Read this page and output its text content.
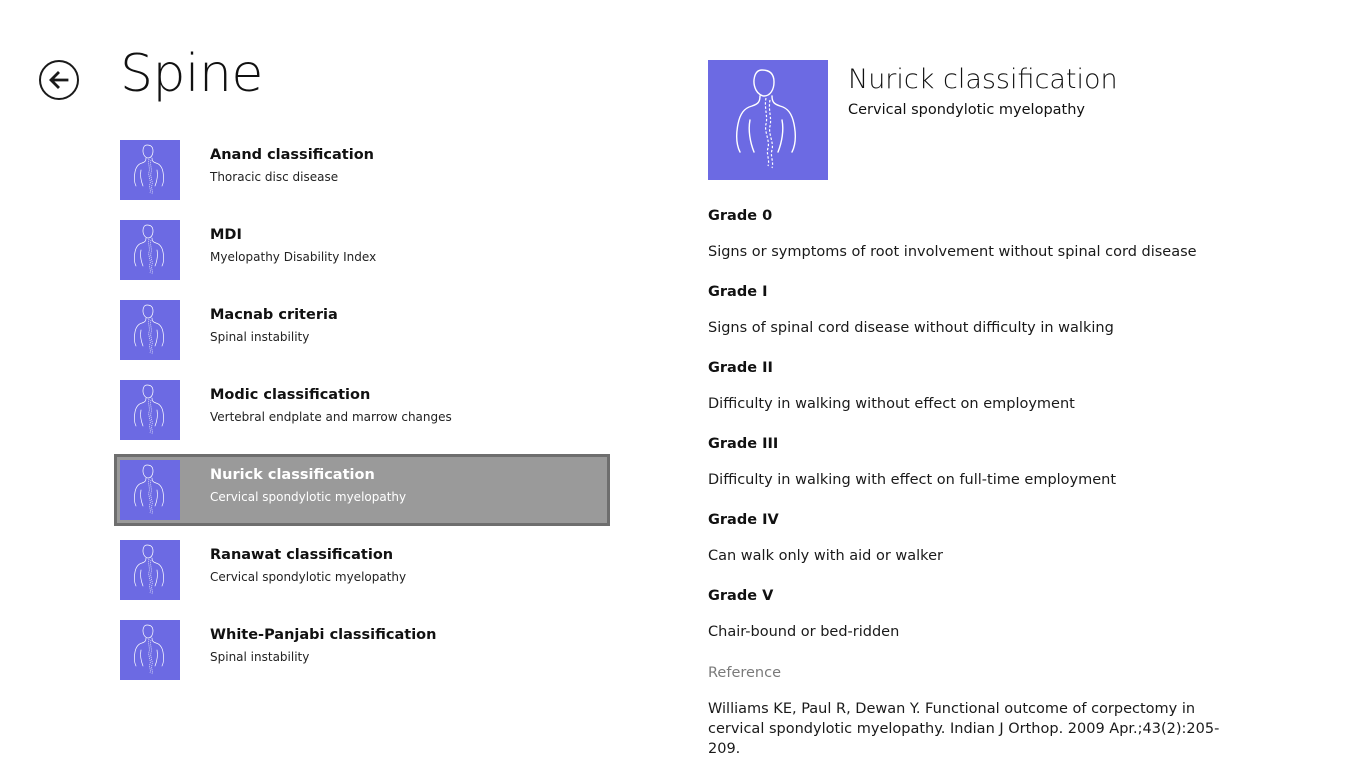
Spine
Anand classification
Thoracic disc disease
MDI
Myelopathy Disability Index
Macnab criteria
Spinal instability
Modic classification
Vertebral endplate and marrow changes
Nurick classification
Cervical spondylotic myelopathy
Ranawat classification
Cervical spondylotic myelopathy
White-Panjabi classification
Spinal instability
Nurick classification
Cervical spondylotic myelopathy
Grade 0
Signs or symptoms of root involvement without spinal cord disease
Grade I
Signs of spinal cord disease without difficulty in walking
Grade II
Difficulty in walking without effect on employment
Grade III
Difficulty in walking with effect on full-time employment
Grade IV
Can walk only with aid or walker
Grade V
Chair-bound or bed-ridden
Reference
Williams KE, Paul R, Dewan Y. Functional outcome of corpectomy in cervical spondylotic myelopathy. Indian J Orthop. 2009 Apr.;43(2):205-209.
